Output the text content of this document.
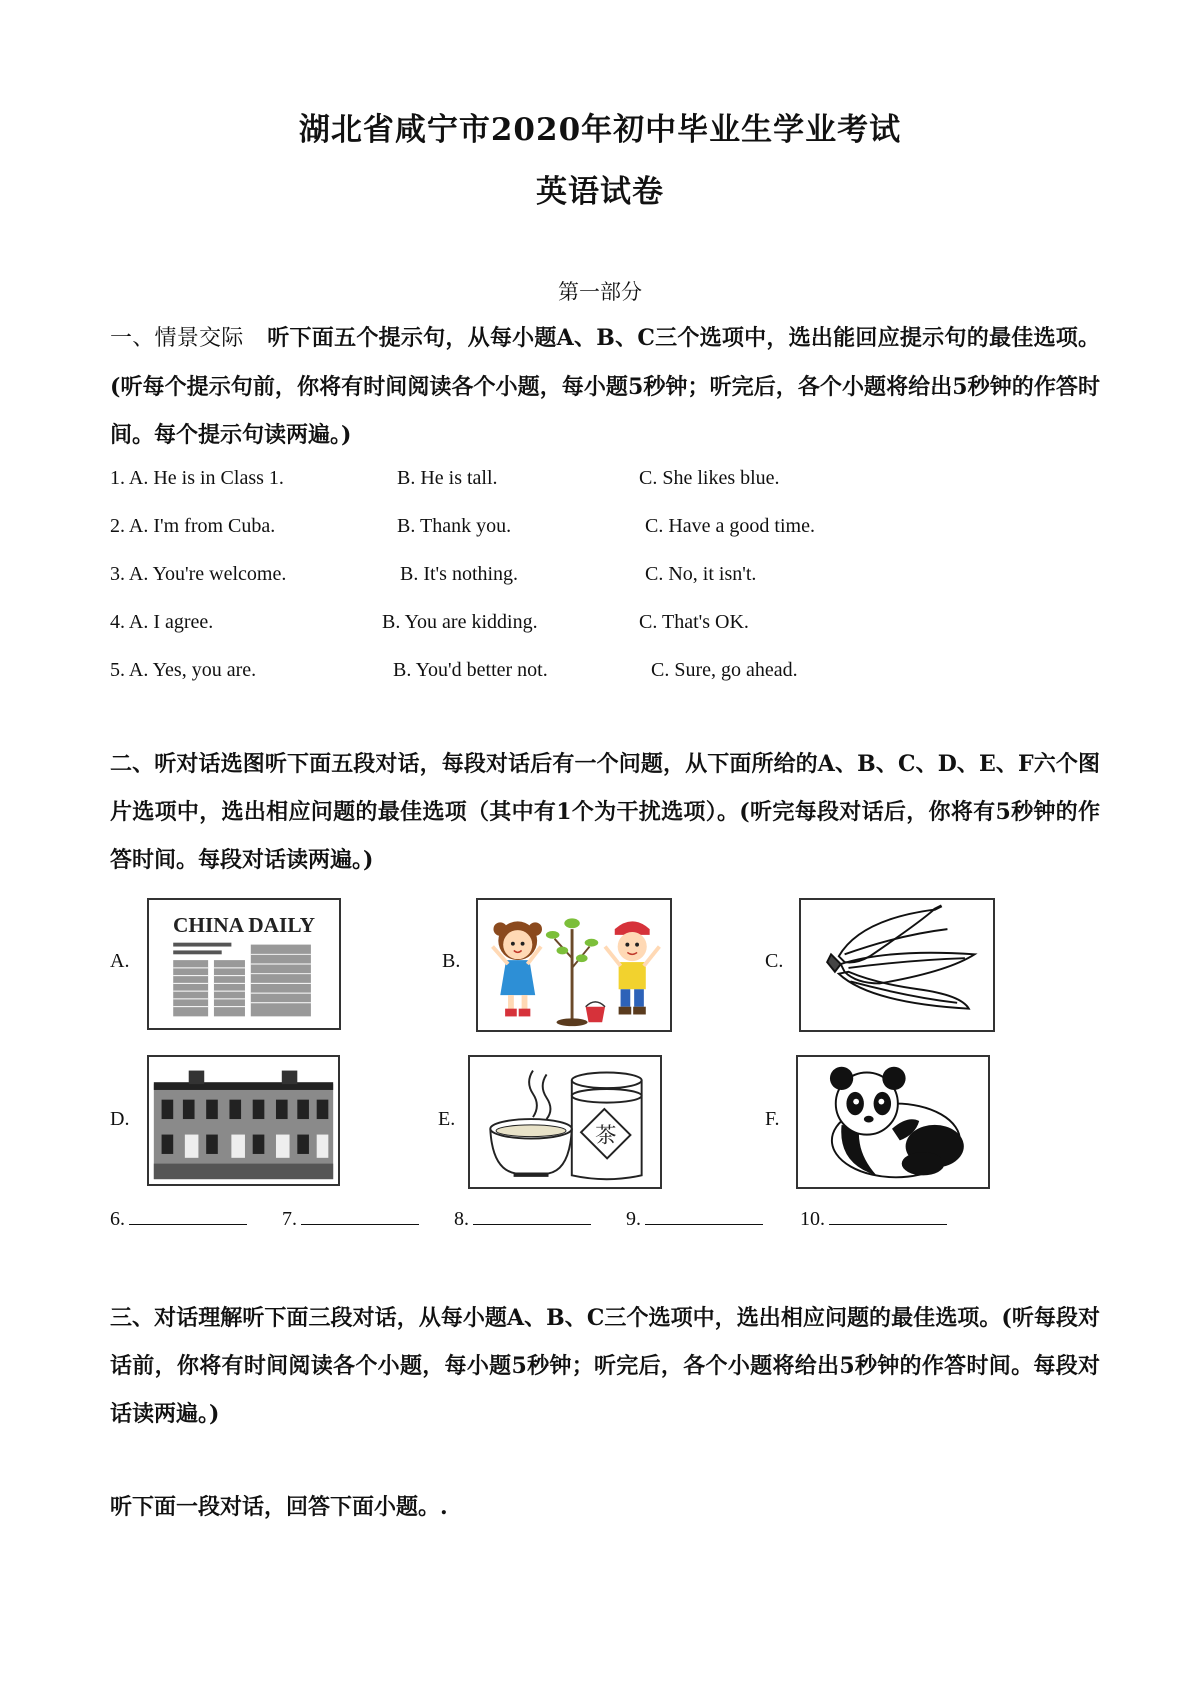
湖北省咸宁市2020年初中毕业生学业考试
英语试卷
第一部分
一、情景交际 听下面五个提示句，从每小题A、B、C三个选项中，选出能回应提示句的最佳选项。(听每个提示句前，你将有时间阅读各个小题，每小题5秒钟；听完后，各个小题将给出5秒钟的作答时间。每个提示句读两遍。)
1. A. He is in Class 1.	B. He is tall.	C. She likes blue.
2. A. I'm from Cuba.	B. Thank you.	C. Have a good time.
3. A. You're welcome.	B. It's nothing.	C. No, it isn't.
4. A. I agree.	B. You are kidding.	C. That's OK.
5. A. Yes, you are.	B. You'd better not.	C. Sure, go ahead.
二、听对话选图听下面五段对话，每段对话后有一个问题，从下面所给的A、B、C、D、E、F六个图片选项中，选出相应问题的最佳选项（其中有1个为干扰选项）。(听完每段对话后，你将有5秒钟的作答时间。每段对话读两遍。)
A.
CHINA DAILY
B.	C.
D.	E.
茶
F.
6.	7.	8.	9.	10.
三、对话理解听下面三段对话，从每小题A、B、C三个选项中，选出相应问题的最佳选项。(听每段对话前，你将有时间阅读各个小题，每小题5秒钟；听完后，各个小题将给出5秒钟的作答时间。每段对话读两遍。)
听下面一段对话，回答下面小题。.
